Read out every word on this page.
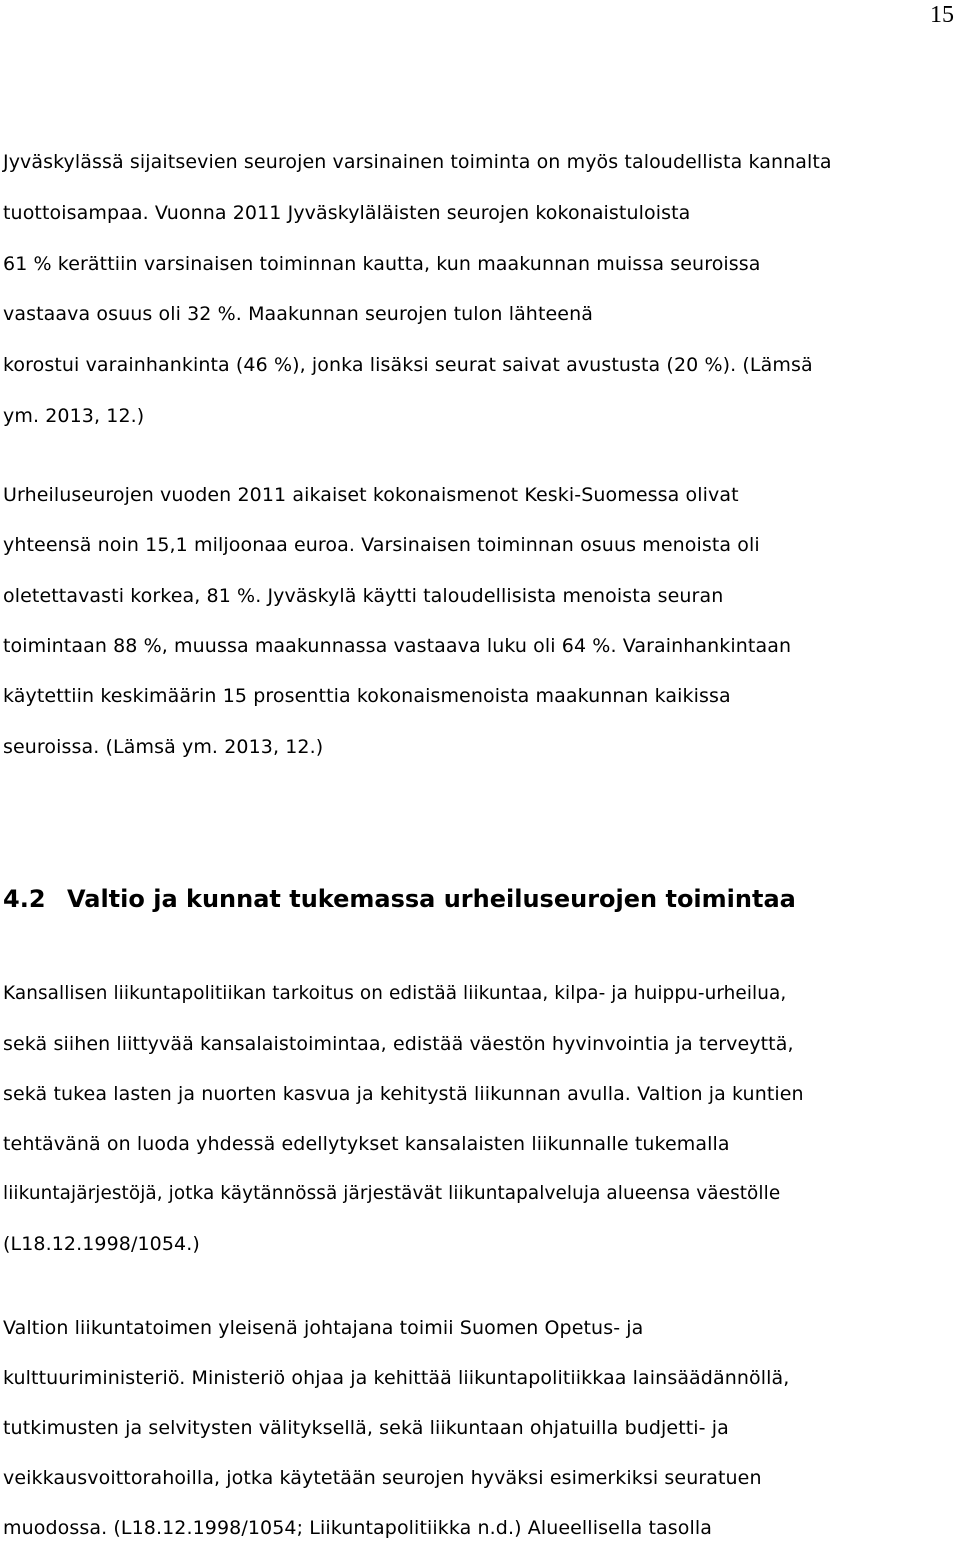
15
Jyväskylässä sijaitsevien seurojen varsinainen toiminta on myös taloudellista kannalta
tuottoisampaa. Vuonna 2011 Jyväskyläläisten seurojen kokonaistuloista
61 % kerättiin varsinaisen toiminnan kautta, kun maakunnan muissa seuroissa
vastaava osuus oli 32 %. Maakunnan seurojen tulon lähteenä
korostui varainhankinta (46 %), jonka lisäksi seurat saivat avustusta (20 %). (Lämsä
ym. 2013, 12.)
Urheiluseurojen vuoden 2011 aikaiset kokonaismenot Keski-Suomessa olivat
yhteensä noin 15,1 miljoonaa euroa. Varsinaisen toiminnan osuus menoista oli
oletettavasti korkea, 81 %. Jyväskylä käytti taloudellisista menoista seuran
toimintaan 88 %, muussa maakunnassa vastaava luku oli 64 %. Varainhankintaan
käytettiin keskimäärin 15 prosenttia kokonaismenoista maakunnan kaikissa
seuroissa. (Lämsä ym. 2013, 12.)
4.2 Valtio ja kunnat tukemassa urheiluseurojen toimintaa
Kansallisen liikuntapolitiikan tarkoitus on edistää liikuntaa, kilpa- ja huippu-urheilua,
sekä siihen liittyvää kansalaistoimintaa, edistää väestön hyvinvointia ja terveyttä,
sekä tukea lasten ja nuorten kasvua ja kehitystä liikunnan avulla. Valtion ja kuntien
tehtävänä on luoda yhdessä edellytykset kansalaisten liikunnalle tukemalla
liikuntajärjestöjä, jotka käytännössä järjestävät liikuntapalveluja alueensa väestölle
(L18.12.1998/1054.)
Valtion liikuntatoimen yleisenä johtajana toimii Suomen Opetus- ja
kulttuuriministeriö. Ministeriö ohjaa ja kehittää liikuntapolitiikkaa lainsäädännöllä,
tutkimusten ja selvitysten välityksellä, sekä liikuntaan ohjatuilla budjetti- ja
veikkausvoittorahoilla, jotka käytetään seurojen hyväksi esimerkiksi seuratuen
muodossa. (L18.12.1998/1054; Liikuntapolitiikka n.d.) Alueellisella tasolla
